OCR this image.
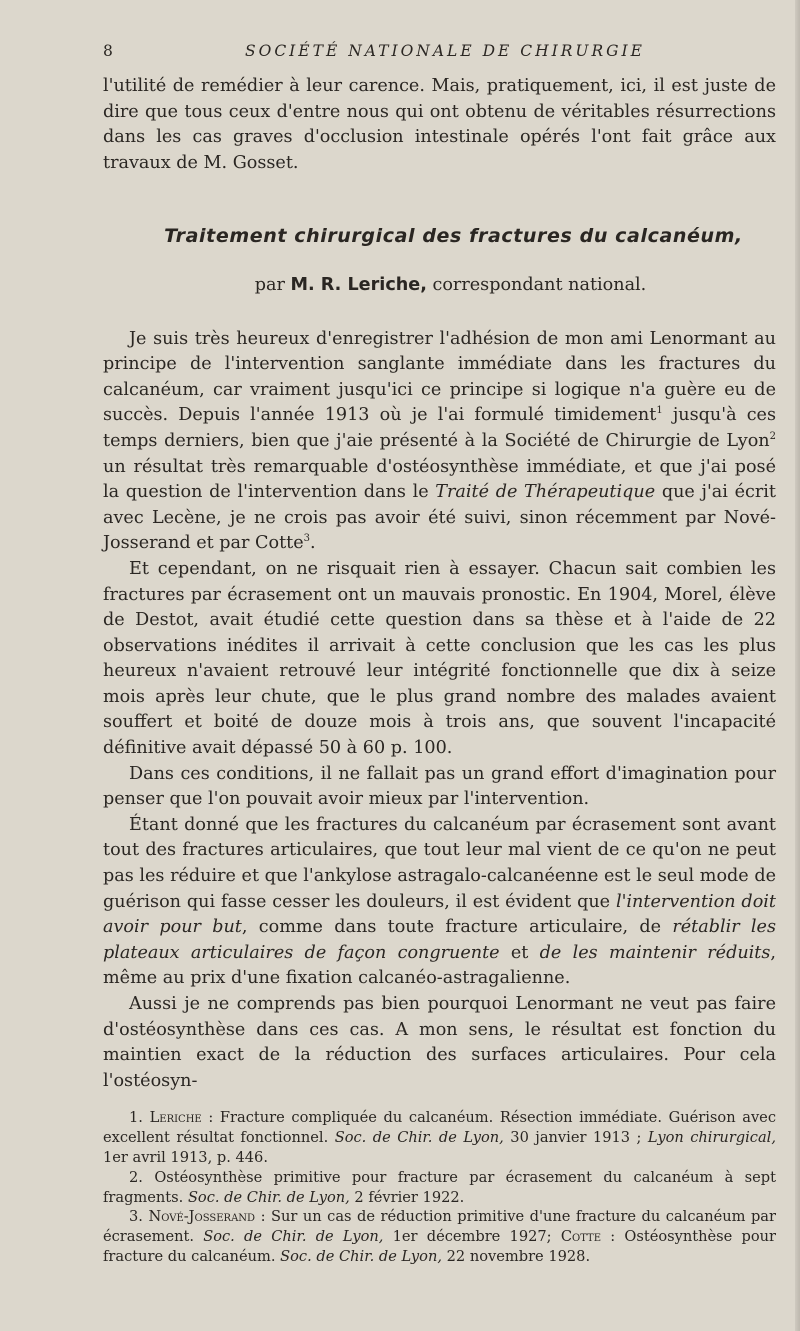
8	SOCIÉTÉ NATIONALE DE CHIRURGIE

l'utilité de remédier à leur carence. Mais, pratiquement, ici, il est juste de dire que tous ceux d'entre nous qui ont obtenu de véritables résurrections dans les cas graves d'occlusion intestinale opérés l'ont fait grâce aux travaux de M. Gosset.

Traitement chirurgical des fractures du calcanéum,
par M. R. Leriche, correspondant national.

Je suis très heureux d'enregistrer l'adhésion de mon ami Lenormant au principe de l'intervention sanglante immédiate dans les fractures du calcanéum, car vraiment jusqu'ici ce principe si logique n'a guère eu de succès. Depuis l'année 1913 où je l'ai formulé timidement$^1$ jusqu'à ces temps derniers, bien que j'aie présenté à la Société de Chirurgie de Lyon$^2$ un résultat très remarquable d'ostéosynthèse immédiate, et que j'ai posé la question de l'intervention dans le Traité de Thérapeutique que j'ai écrit avec Lecène, je ne crois pas avoir été suivi, sinon récemment par Nové-Josserand et par Cotte$^3$.

Et cependant, on ne risquait rien à essayer. Chacun sait combien les fractures par écrasement ont un mauvais pronostic. En 1904, Morel, élève de Destot, avait étudié cette question dans sa thèse et à l'aide de 22 observations inédites il arrivait à cette conclusion que les cas les plus heureux n'avaient retrouvé leur intégrité fonctionnelle que dix à seize mois après leur chute, que le plus grand nombre des malades avaient souffert et boité de douze mois à trois ans, que souvent l'incapacité définitive avait dépassé 50 à 60 p. 100.

Dans ces conditions, il ne fallait pas un grand effort d'imagination pour penser que l'on pouvait avoir mieux par l'intervention.

Étant donné que les fractures du calcanéum par écrasement sont avant tout des fractures articulaires, que tout leur mal vient de ce qu'on ne peut pas les réduire et que l'ankylose astragalo-calcanéenne est le seul mode de guérison qui fasse cesser les douleurs, il est évident que l'intervention doit avoir pour but, comme dans toute fracture articulaire, de rétablir les plateaux articulaires de façon congruente et de les maintenir réduits, même au prix d'une fixation calcanéo-astragalienne.

Aussi je ne comprends pas bien pourquoi Lenormant ne veut pas faire d'ostéosynthèse dans ces cas. A mon sens, le résultat est fonction du maintien exact de la réduction des surfaces articulaires. Pour cela l'ostéosyn-

1. Leriche : Fracture compliquée du calcanéum. Résection immédiate. Guérison avec excellent résultat fonctionnel. Soc. de Chir. de Lyon, 30 janvier 1913 ; Lyon chirurgical, 1er avril 1913, p. 446.

2. Ostéosynthèse primitive pour fracture par écrasement du calcanéum à sept fragments. Soc. de Chir. de Lyon, 2 février 1922.

3. Nové-Josserand : Sur un cas de réduction primitive d'une fracture du calcanéum par écrasement. Soc. de Chir. de Lyon, 1er décembre 1927; Cotte : Ostéosynthèse pour fracture du calcanéum. Soc. de Chir. de Lyon, 22 novembre 1928.
